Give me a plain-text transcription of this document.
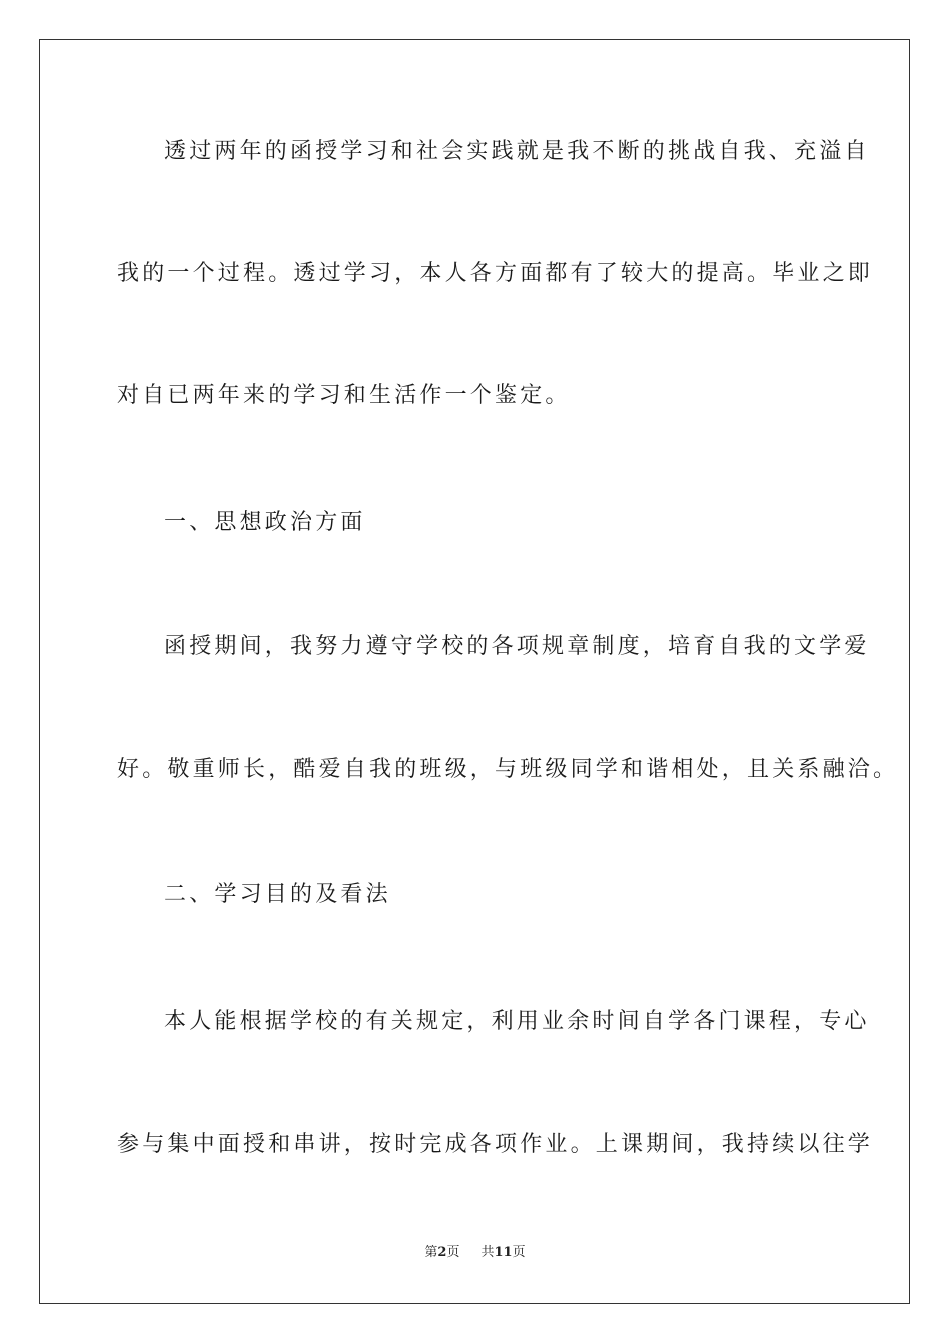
透过两年的函授学习和社会实践就是我不断的挑战自我、充溢自

我的一个过程。透过学习，本人各方面都有了较大的提高。毕业之即

对自已两年来的学习和生活作一个鉴定。

一、思想政治方面

函授期间，我努力遵守学校的各项规章制度，培育自我的文学爱

好。敬重师长，酷爱自我的班级，与班级同学和谐相处，且关系融洽。

二、学习目的及看法

本人能根据学校的有关规定，利用业余时间自学各门课程，专心

参与集中面授和串讲，按时完成各项作业。上课期间，我持续以往学

第2页 共11页
